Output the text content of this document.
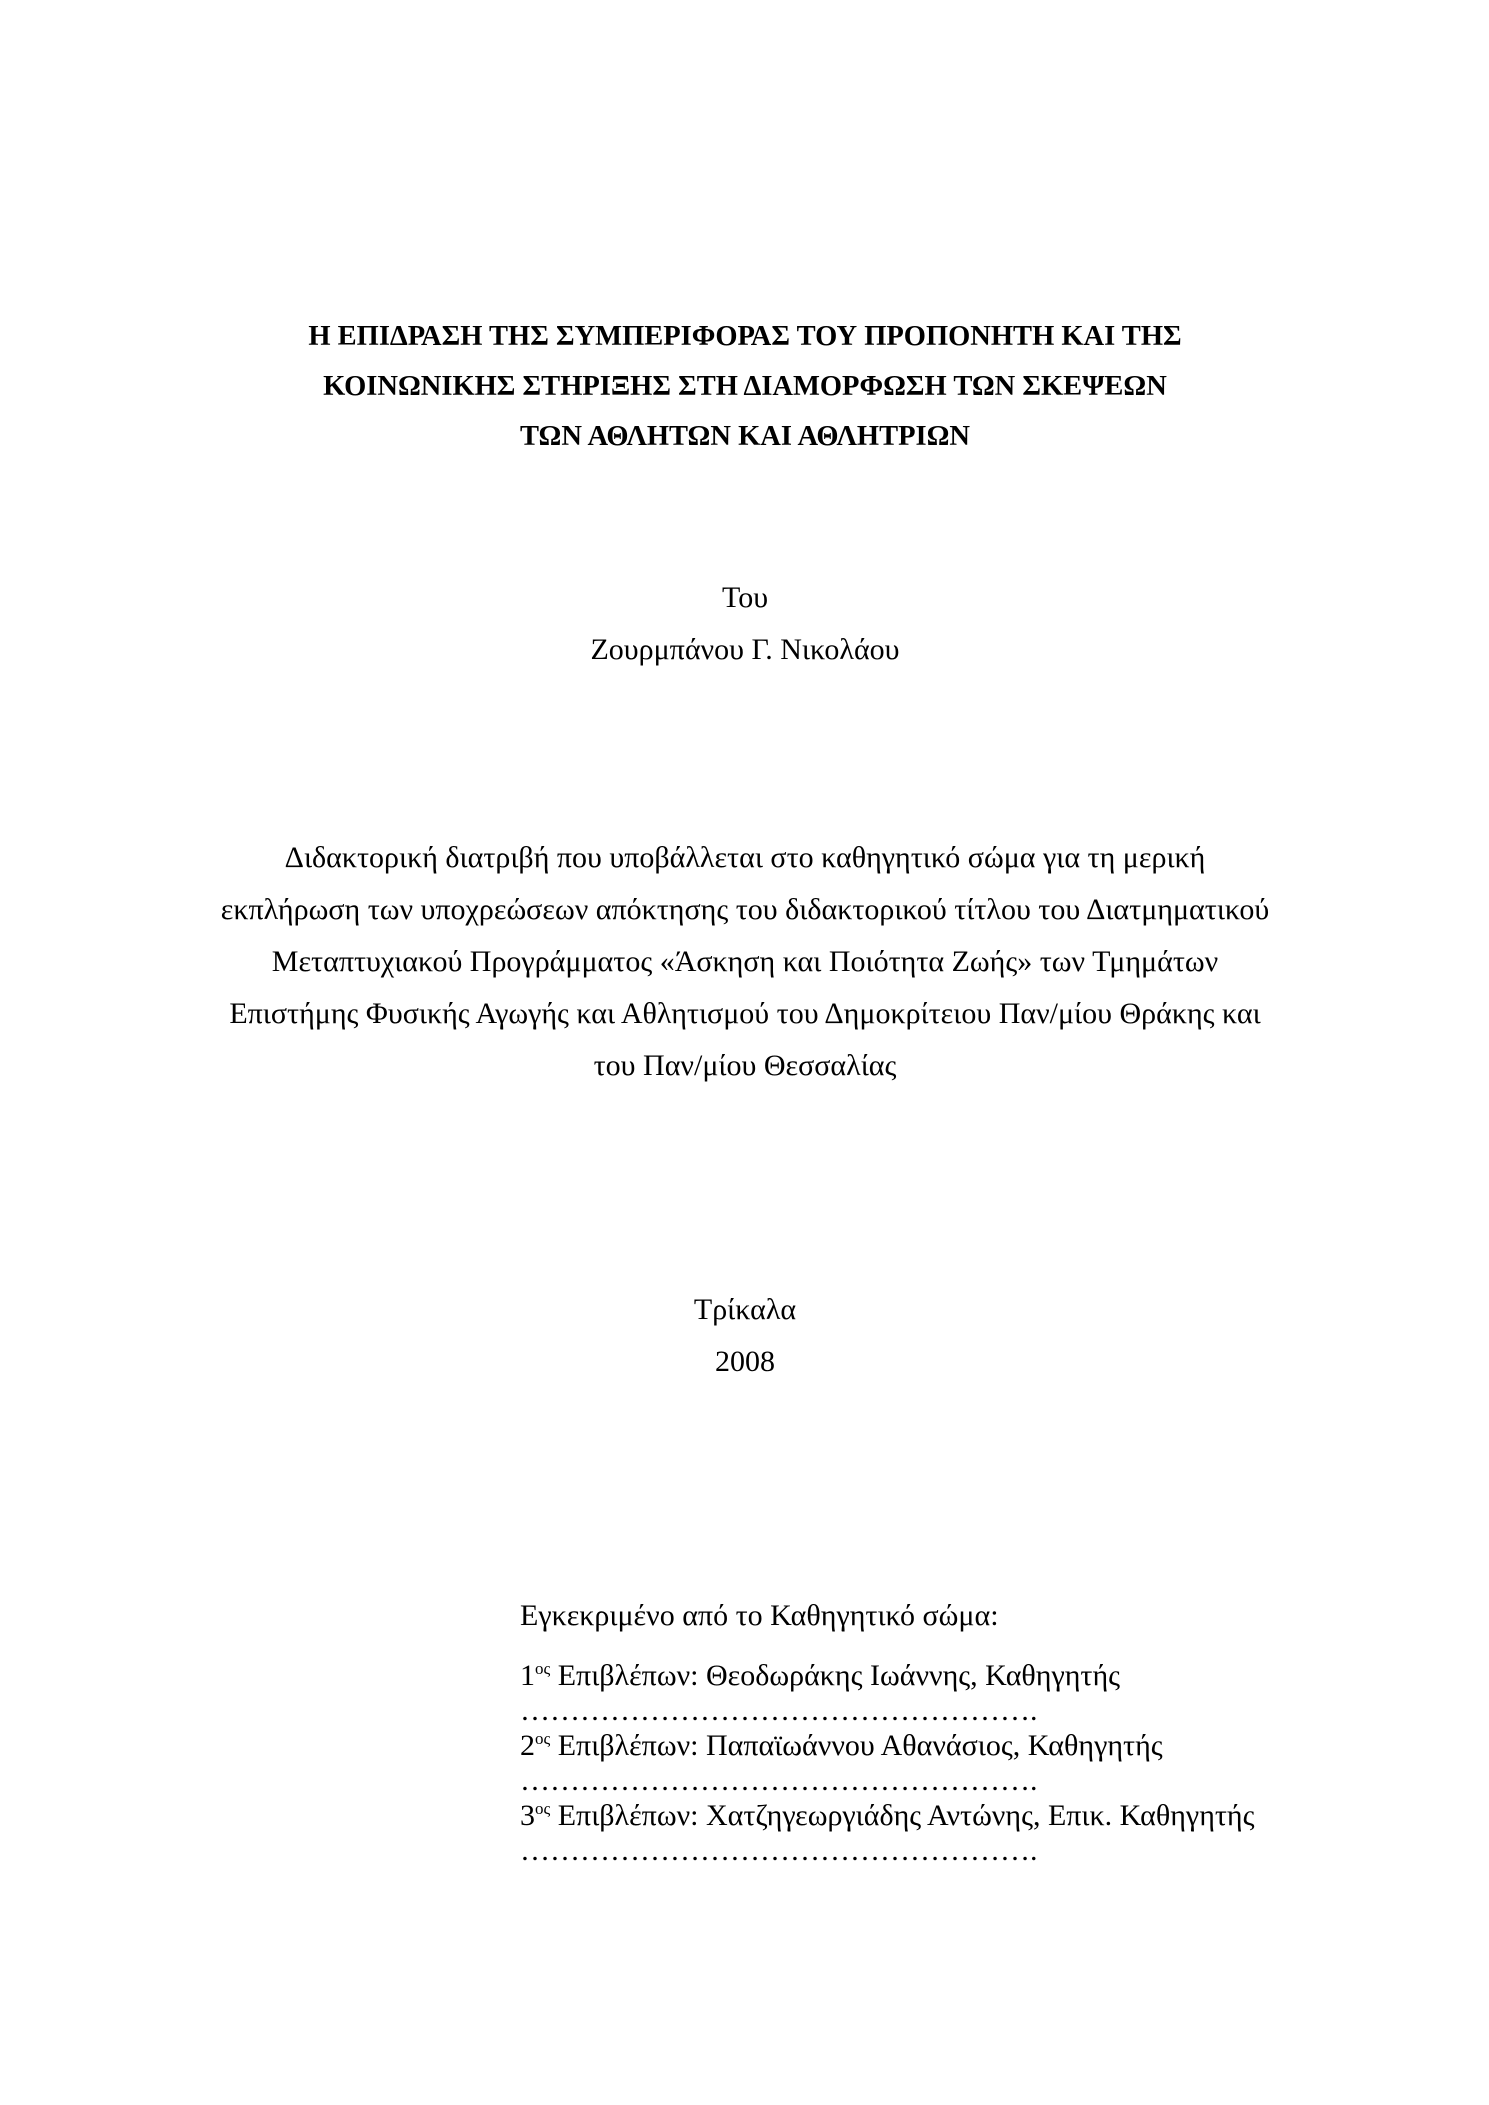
Η ΕΠΙΔΡΑΣΗ ΤΗΣ ΣΥΜΠΕΡΙΦΟΡΑΣ ΤΟΥ ΠΡΟΠΟΝΗΤΗ ΚΑΙ ΤΗΣ
ΚΟΙΝΩΝΙΚΗΣ ΣΤΗΡΙΞΗΣ ΣΤΗ ΔΙΑΜΟΡΦΩΣΗ ΤΩΝ ΣΚΕΨΕΩΝ
ΤΩΝ ΑΘΛΗΤΩΝ ΚΑΙ ΑΘΛΗΤΡΙΩΝ
Του
Ζουρμπάνου Γ. Νικολάου
Διδακτορική διατριβή που υποβάλλεται στο καθηγητικό σώμα για τη μερική
εκπλήρωση των υποχρεώσεων απόκτησης του διδακτορικού τίτλου του Διατμηματικού
Μεταπτυχιακού Προγράμματος «Άσκηση και Ποιότητα Ζωής» των Τμημάτων
Επιστήμης Φυσικής Αγωγής και Αθλητισμού του Δημοκρίτειου Παν/μίου Θράκης και
του Παν/μίου Θεσσαλίας
Τρίκαλα
2008
Εγκεκριμένο από το Καθηγητικό σώμα:
$1^{o\varsigma}$ Επιβλέπων: Θεοδωράκης Ιωάννης, Καθηγητής
…………………………………………….
$2^{o\varsigma}$ Επιβλέπων: Παπαϊωάννου Αθανάσιος, Καθηγητής
…………………………………………….
$3^{o\varsigma}$ Επιβλέπων: Χατζηγεωργιάδης Αντώνης, Επικ. Καθηγητής
…………………………………………….
